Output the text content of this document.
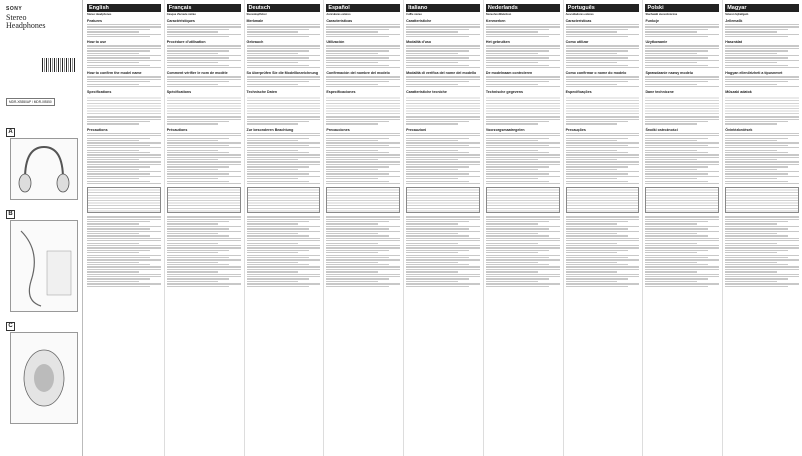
SONY
Stereo
Headphones
MDR-XB550AP / MDR-XB550
A
B
C
English
Stereo Headphones
Features
How to use
How to confirm the model name
Specifications
Precautions
Français
Casque d'écoute stéréo
Caractéristiques
Procédure d'utilisation
Comment vérifier le nom de modèle
Spécifications
Précautions
Deutsch
Stereokopfhörer
Merkmale
Gebrauch
So überprüfen Sie die Modellbezeichnung
Technische Daten
Zur besonderen Beachtung
Español
Auriculares estéreo
Características
Utilización
Confirmación del nombre del modelo
Especificaciones
Precauciones
Italiano
Cuffie stereo
Caratteristiche
Modalità d'uso
Modalità di verifica del nome del modello
Caratteristiche tecniche
Precauzioni
Nederlands
Stereohoofdtelefoon
Kenmerken
Het gebruiken
De modelnaam controleren
Technische gegevens
Voorzorgsmaatregelen
Português
Auscultadores estéreo
Características
Como utilizar
Como confirmar o nome do modelo
Especificações
Precauções
Polski
Słuchawki stereofoniczne
Funkcje
Użytkowanie
Sprawdzanie nazwy modelu
Dane techniczne
Środki ostrożności
Magyar
Sztereó fejhallgató
Jellemzők
Használat
Hogyan ellenőrizheti a típusnevet
Műszaki adatok
Óvintézkedések
